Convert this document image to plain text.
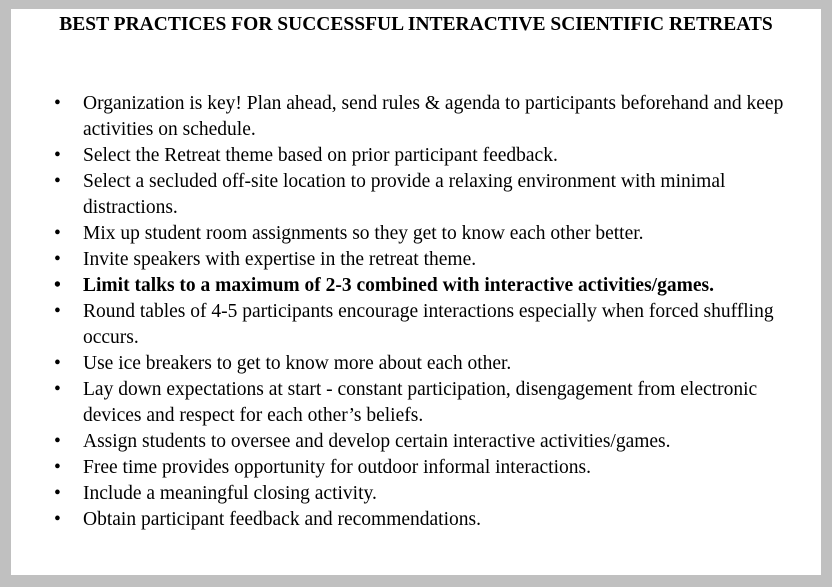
BEST PRACTICES FOR SUCCESSFUL INTERACTIVE SCIENTIFIC RETREATS
• Organization is key! Plan ahead, send rules & agenda to participants beforehand and keep activities on schedule.
• Select the Retreat theme based on prior participant feedback.
• Select a secluded off-site location to provide a relaxing environment with minimal distractions.
• Mix up student room assignments so they get to know each other better.
• Invite speakers with expertise in the retreat theme.
• Limit talks to a maximum of 2-3 combined with interactive activities/games.
• Round tables of 4-5 participants encourage interactions especially when forced shuffling occurs.
• Use ice breakers to get to know more about each other.
• Lay down expectations at start - constant participation, disengagement from electronic devices and respect for each other’s beliefs.
• Assign students to oversee and develop certain interactive activities/games.
• Free time provides opportunity for outdoor informal interactions.
• Include a meaningful closing activity.
• Obtain participant feedback and recommendations.
